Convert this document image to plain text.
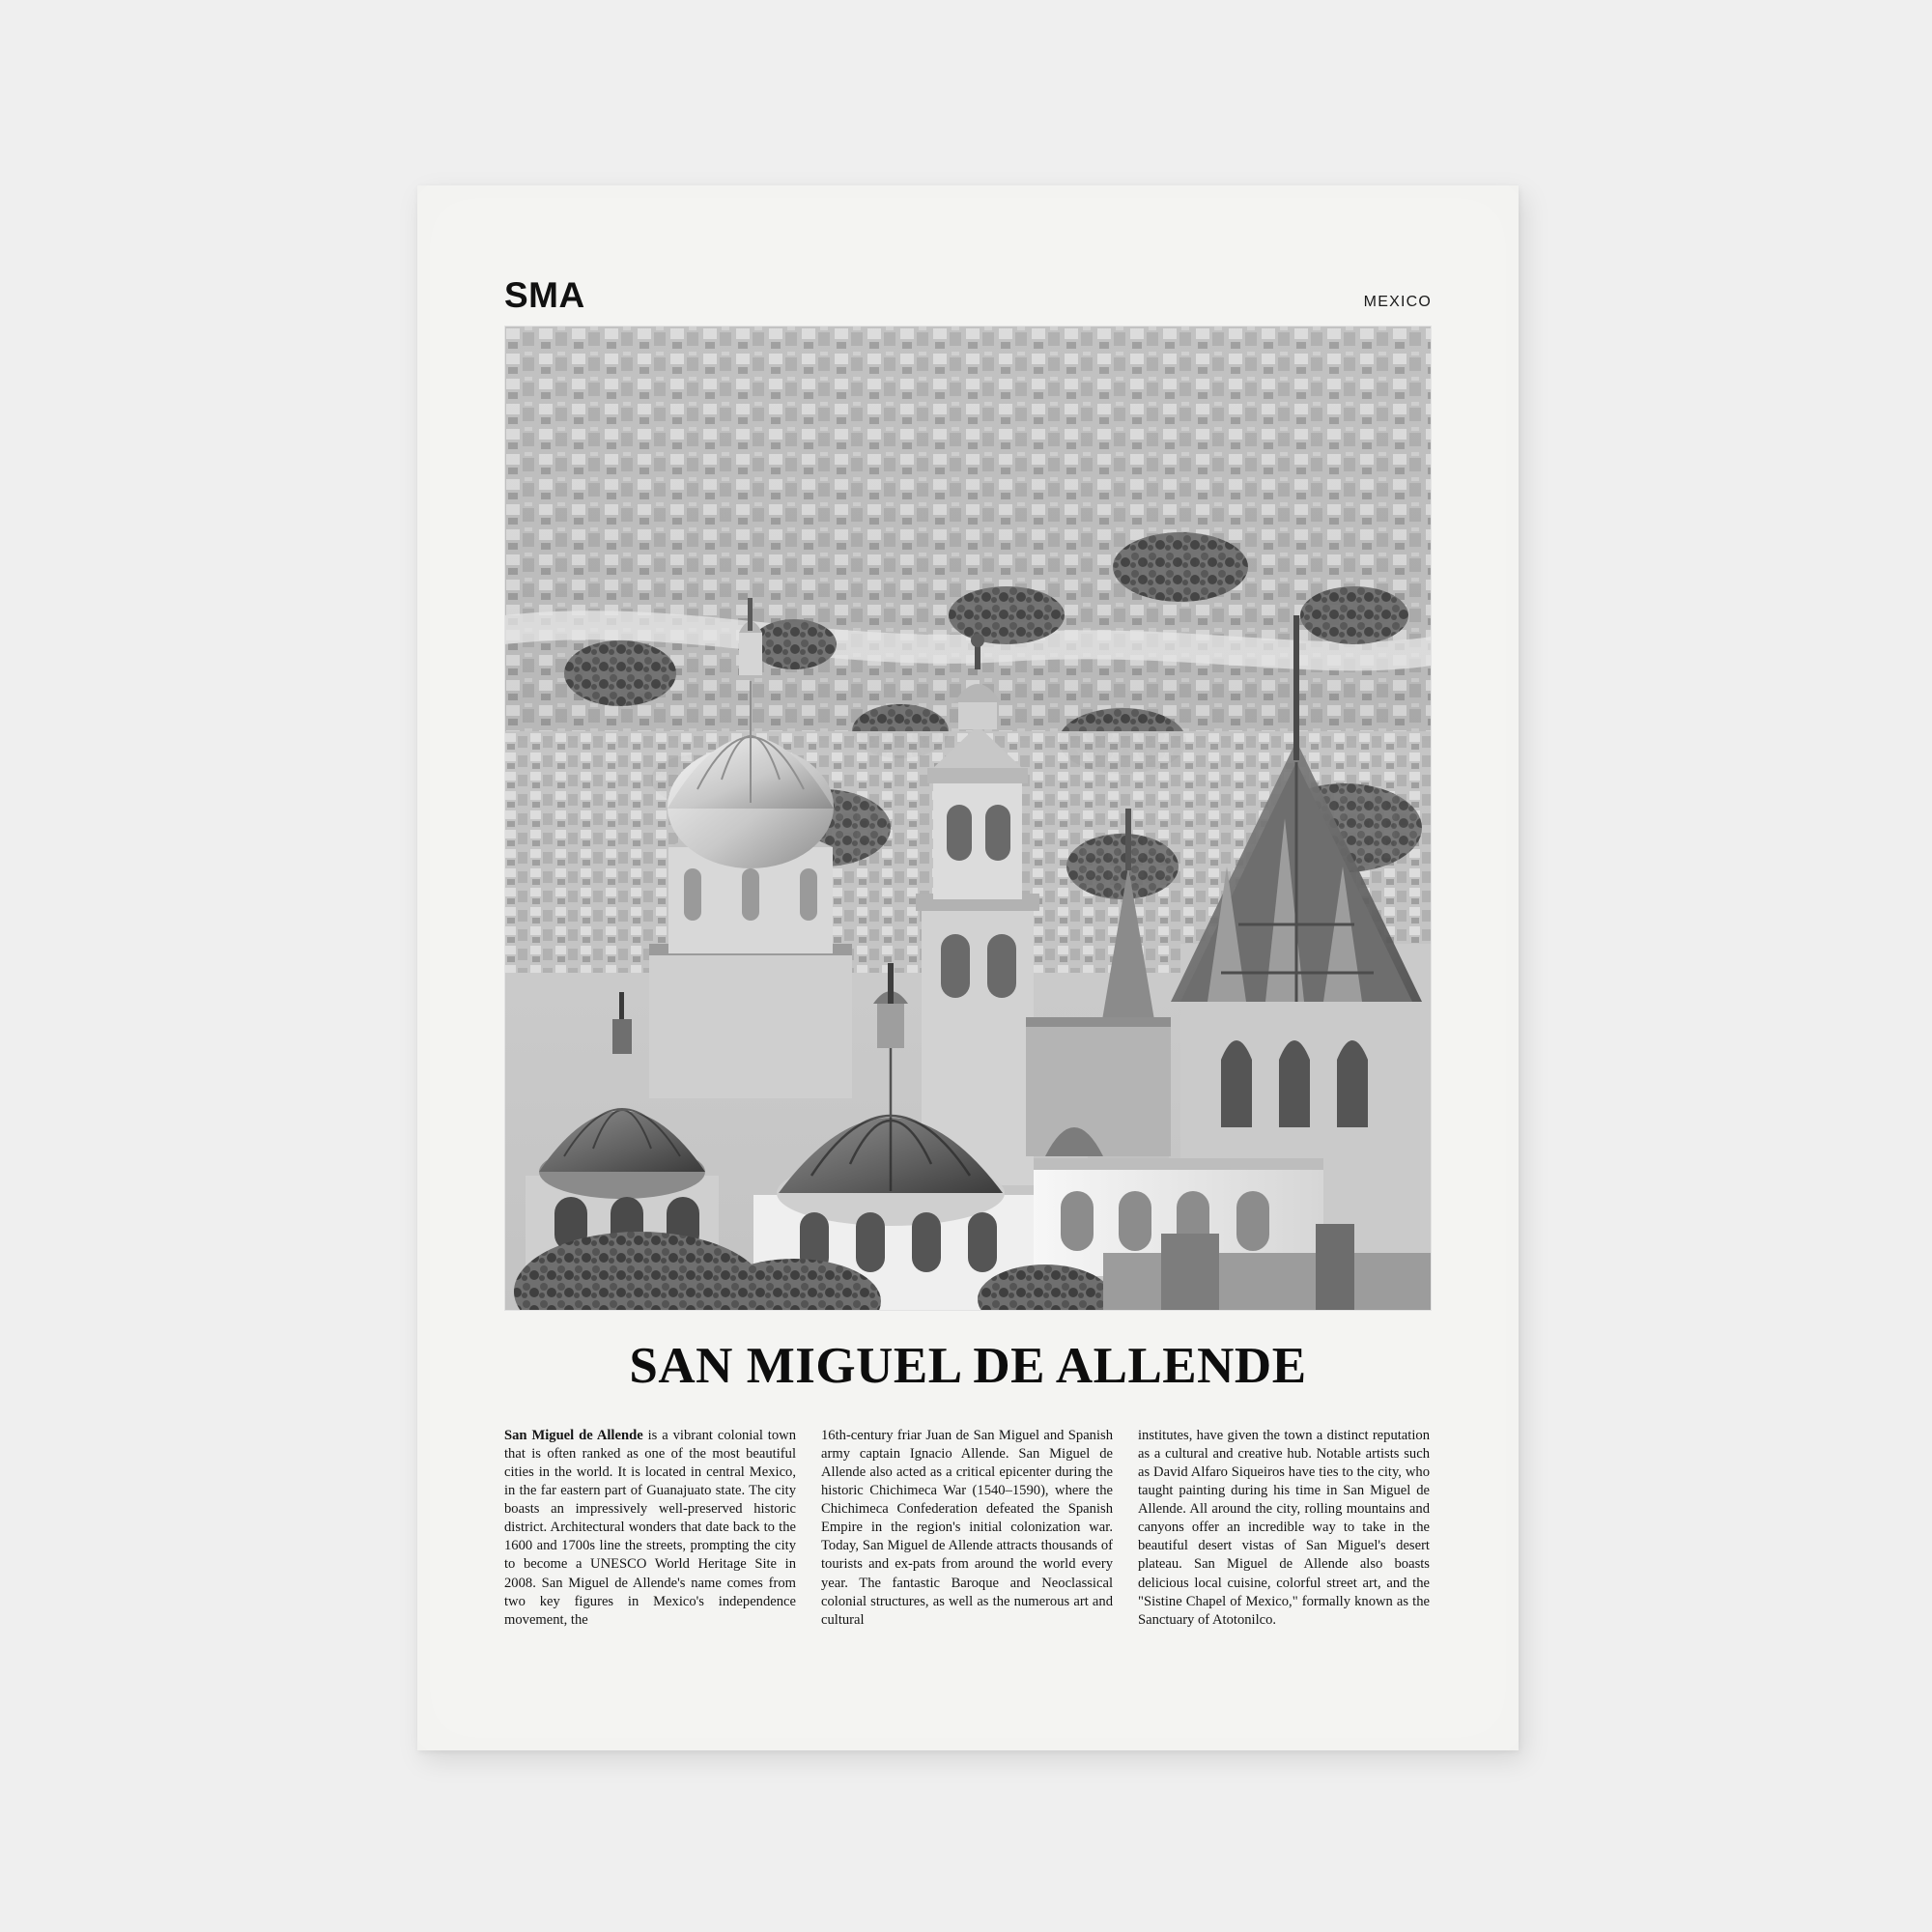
SMA	MEXICO
SAN MIGUEL DE ALLENDE
San Miguel de Allende is a vibrant colonial town that is often ranked as one of the most beautiful cities in the world. It is located in central Mexico, in the far eastern part of Guanajuato state. The city boasts an impressively well-preserved historic district. Architectural wonders that date back to the 1600 and 1700s line the streets, prompting the city to become a UNESCO World Heritage Site in 2008. San Miguel de Allende's name comes from two key figures in Mexico's independence movement, the
16th-century friar Juan de San Miguel and Spanish army captain Ignacio Allende. San Miguel de Allende also acted as a critical epicenter during the historic Chichimeca War (1540–1590), where the Chichimeca Confederation defeated the Spanish Empire in the region's initial colonization war. Today, San Miguel de Allende attracts thousands of tourists and ex-pats from around the world every year. The fantastic Baroque and Neoclassical colonial structures, as well as the numerous art and cultural
institutes, have given the town a distinct reputation as a cultural and creative hub. Notable artists such as David Alfaro Siqueiros have ties to the city, who taught painting during his time in San Miguel de Allende. All around the city, rolling mountains and canyons offer an incredible way to take in the beautiful desert vistas of San Miguel's desert plateau. San Miguel de Allende also boasts delicious local cuisine, colorful street art, and the "Sistine Chapel of Mexico," formally known as the Sanctuary of Atotonilco.
